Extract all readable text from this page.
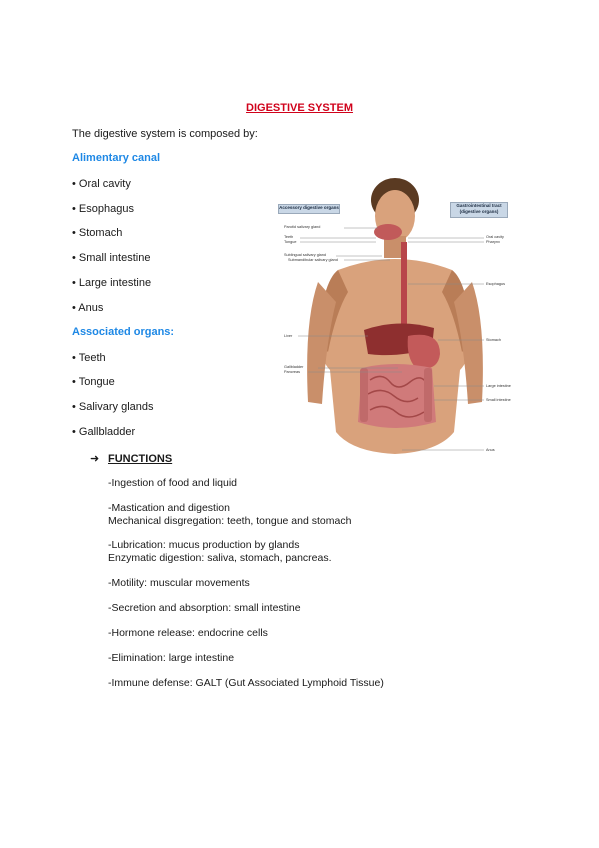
DIGESTIVE SYSTEM
The digestive system is composed by:
Alimentary canal
• Oral cavity
• Esophagus
• Stomach
• Small intestine
• Large intestine
• Anus
Associated organs:
• Teeth
• Tongue
• Salivary glands
• Gallbladder
➜ FUNCTIONS
-Ingestion of food and liquid
-Mastication and digestion
Mechanical disgregation: teeth, tongue and stomach
-Lubrication: mucus production by glands
Enzymatic digestion: saliva, stomach, pancreas.
-Motility: muscular movements
-Secretion and absorption: small intestine
-Hormone release: endocrine cells
-Elimination: large intestine
-Immune defense: GALT (Gut Associated Lymphoid Tissue)
Accessory digestive organs	Gastrointestinal tract
(digestive organs)
Parotid salivary gland
Teeth
Tongue
Sublingual salivary gland
Submandibular salivary gland
Liver
Gallbladder
Pancreas
Oral cavity
Pharynx
Esophagus
Stomach
Large intestine
Small intestine
Anus
